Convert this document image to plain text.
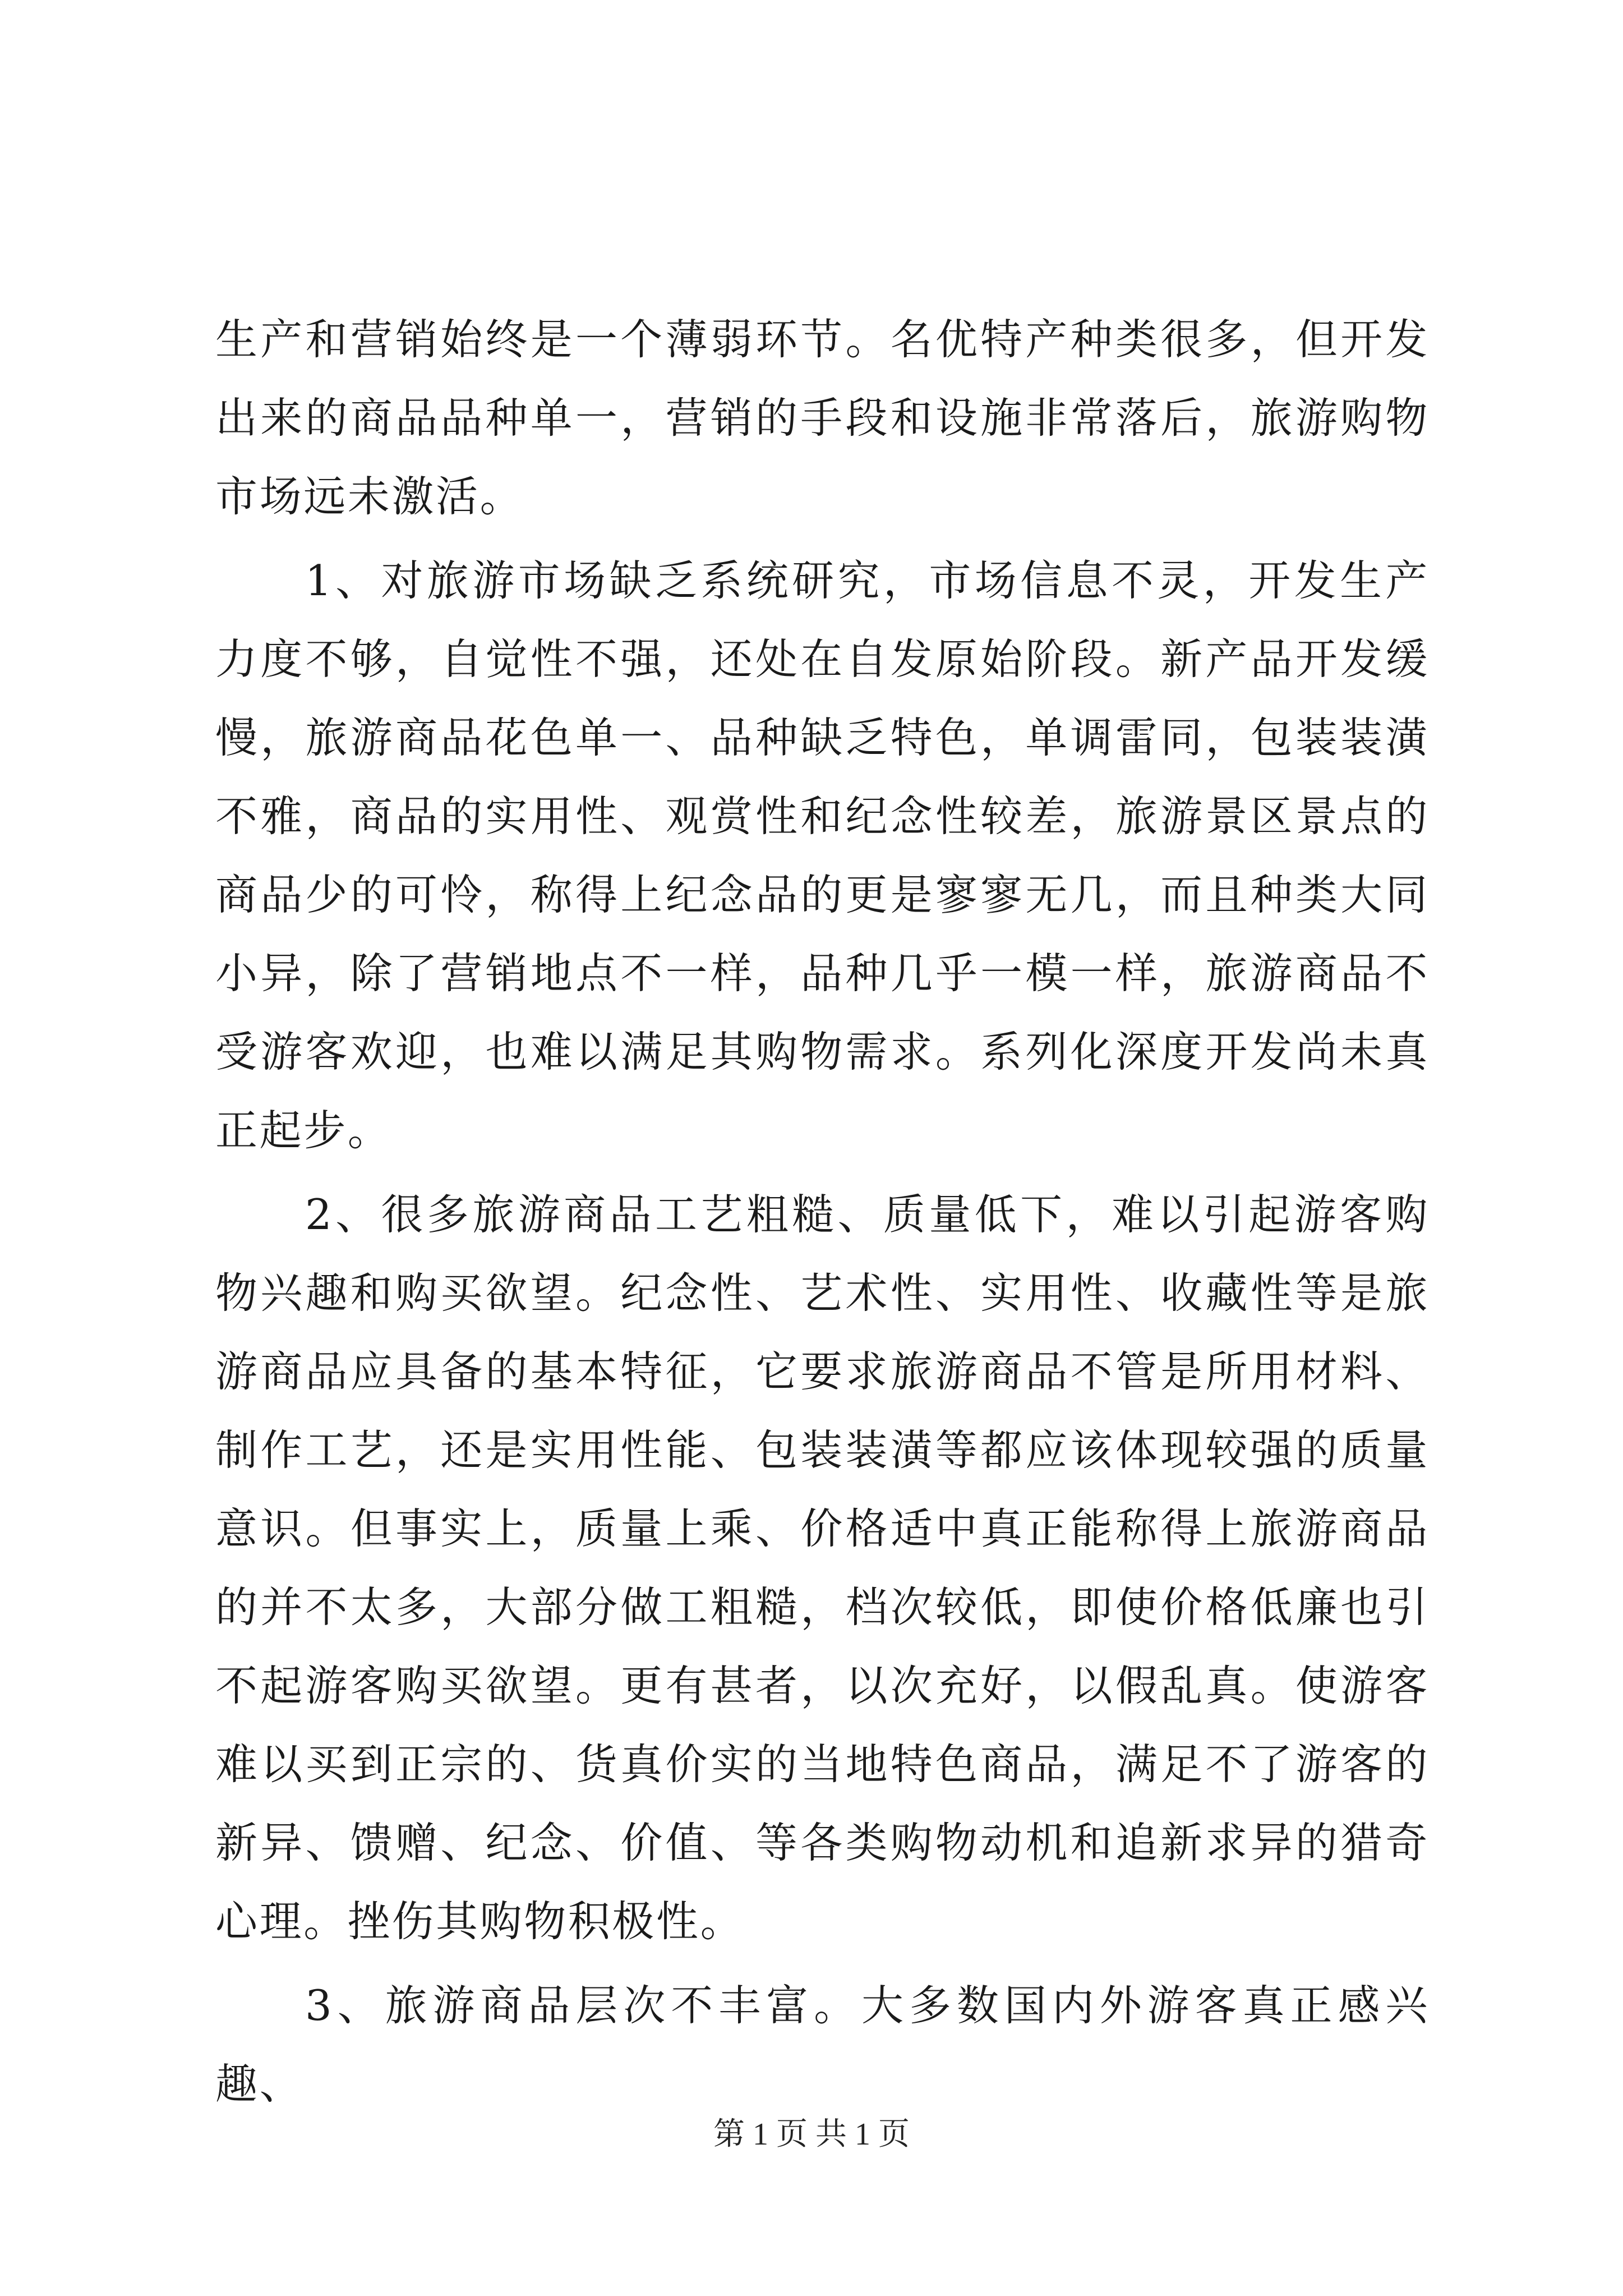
生产和营销始终是一个薄弱环节。名优特产种类很多，但开发出来的商品品种单一，营销的手段和设施非常落后，旅游购物市场远未激活。

1、对旅游市场缺乏系统研究，市场信息不灵，开发生产力度不够，自觉性不强，还处在自发原始阶段。新产品开发缓慢，旅游商品花色单一、品种缺乏特色，单调雷同，包装装潢不雅，商品的实用性、观赏性和纪念性较差，旅游景区景点的商品少的可怜，称得上纪念品的更是寥寥无几，而且种类大同小异，除了营销地点不一样，品种几乎一模一样，旅游商品不受游客欢迎，也难以满足其购物需求。系列化深度开发尚未真正起步。

2、很多旅游商品工艺粗糙、质量低下，难以引起游客购物兴趣和购买欲望。纪念性、艺术性、实用性、收藏性等是旅游商品应具备的基本特征，它要求旅游商品不管是所用材料、制作工艺，还是实用性能、包装装潢等都应该体现较强的质量意识。但事实上，质量上乘、价格适中真正能称得上旅游商品的并不太多，大部分做工粗糙，档次较低，即使价格低廉也引不起游客购买欲望。更有甚者，以次充好，以假乱真。使游客难以买到正宗的、货真价实的当地特色商品，满足不了游客的新异、馈赠、纪念、价值、等各类购物动机和追新求异的猎奇心理。挫伤其购物积极性。

3、旅游商品层次不丰富。大多数国内外游客真正感兴趣、

第 1 页 共 1 页
